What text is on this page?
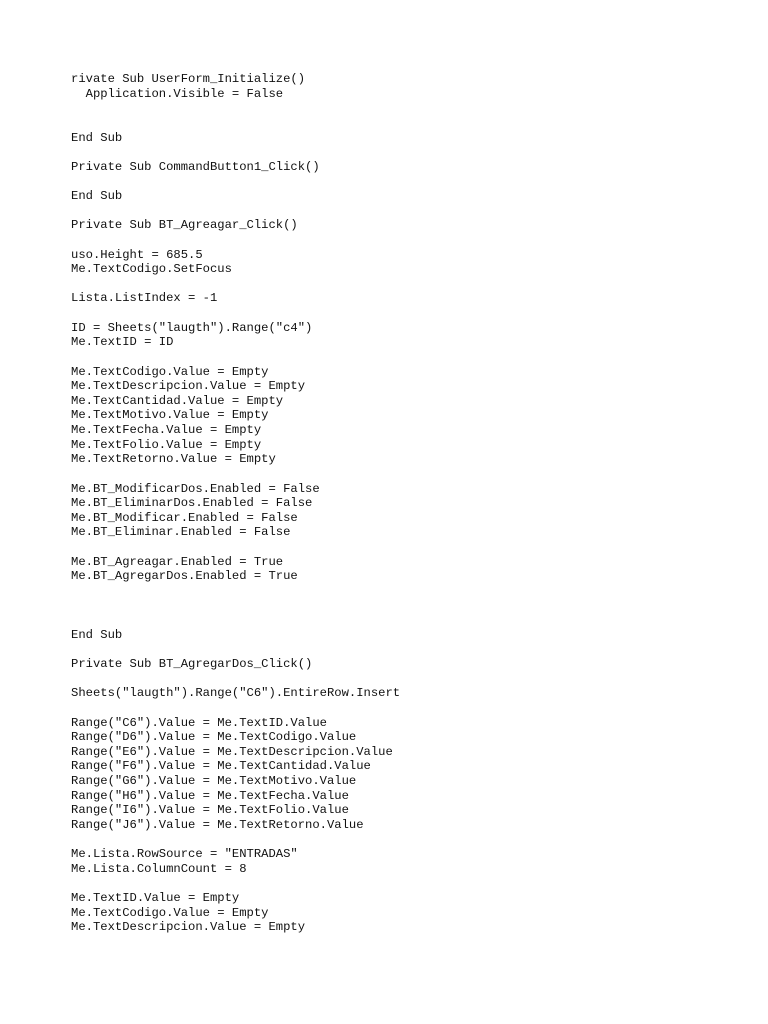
rivate Sub UserForm_Initialize()
Application.Visible = False
End Sub
Private Sub CommandButton1_Click()
End Sub
Private Sub BT_Agreagar_Click()
uso.Height = 685.5
Me.TextCodigo.SetFocus
Lista.ListIndex = -1
ID = Sheets("laugth").Range("c4")
Me.TextID = ID
Me.TextCodigo.Value = Empty
Me.TextDescripcion.Value = Empty
Me.TextCantidad.Value = Empty
Me.TextMotivo.Value = Empty
Me.TextFecha.Value = Empty
Me.TextFolio.Value = Empty
Me.TextRetorno.Value = Empty
Me.BT_ModificarDos.Enabled = False
Me.BT_EliminarDos.Enabled = False
Me.BT_Modificar.Enabled = False
Me.BT_Eliminar.Enabled = False
Me.BT_Agreagar.Enabled = True
Me.BT_AgregarDos.Enabled = True
End Sub
Private Sub BT_AgregarDos_Click()
Sheets("laugth").Range("C6").EntireRow.Insert
Range("C6").Value = Me.TextID.Value
Range("D6").Value = Me.TextCodigo.Value
Range("E6").Value = Me.TextDescripcion.Value
Range("F6").Value = Me.TextCantidad.Value
Range("G6").Value = Me.TextMotivo.Value
Range("H6").Value = Me.TextFecha.Value
Range("I6").Value = Me.TextFolio.Value
Range("J6").Value = Me.TextRetorno.Value
Me.Lista.RowSource = "ENTRADAS"
Me.Lista.ColumnCount = 8
Me.TextID.Value = Empty
Me.TextCodigo.Value = Empty
Me.TextDescripcion.Value = Empty
